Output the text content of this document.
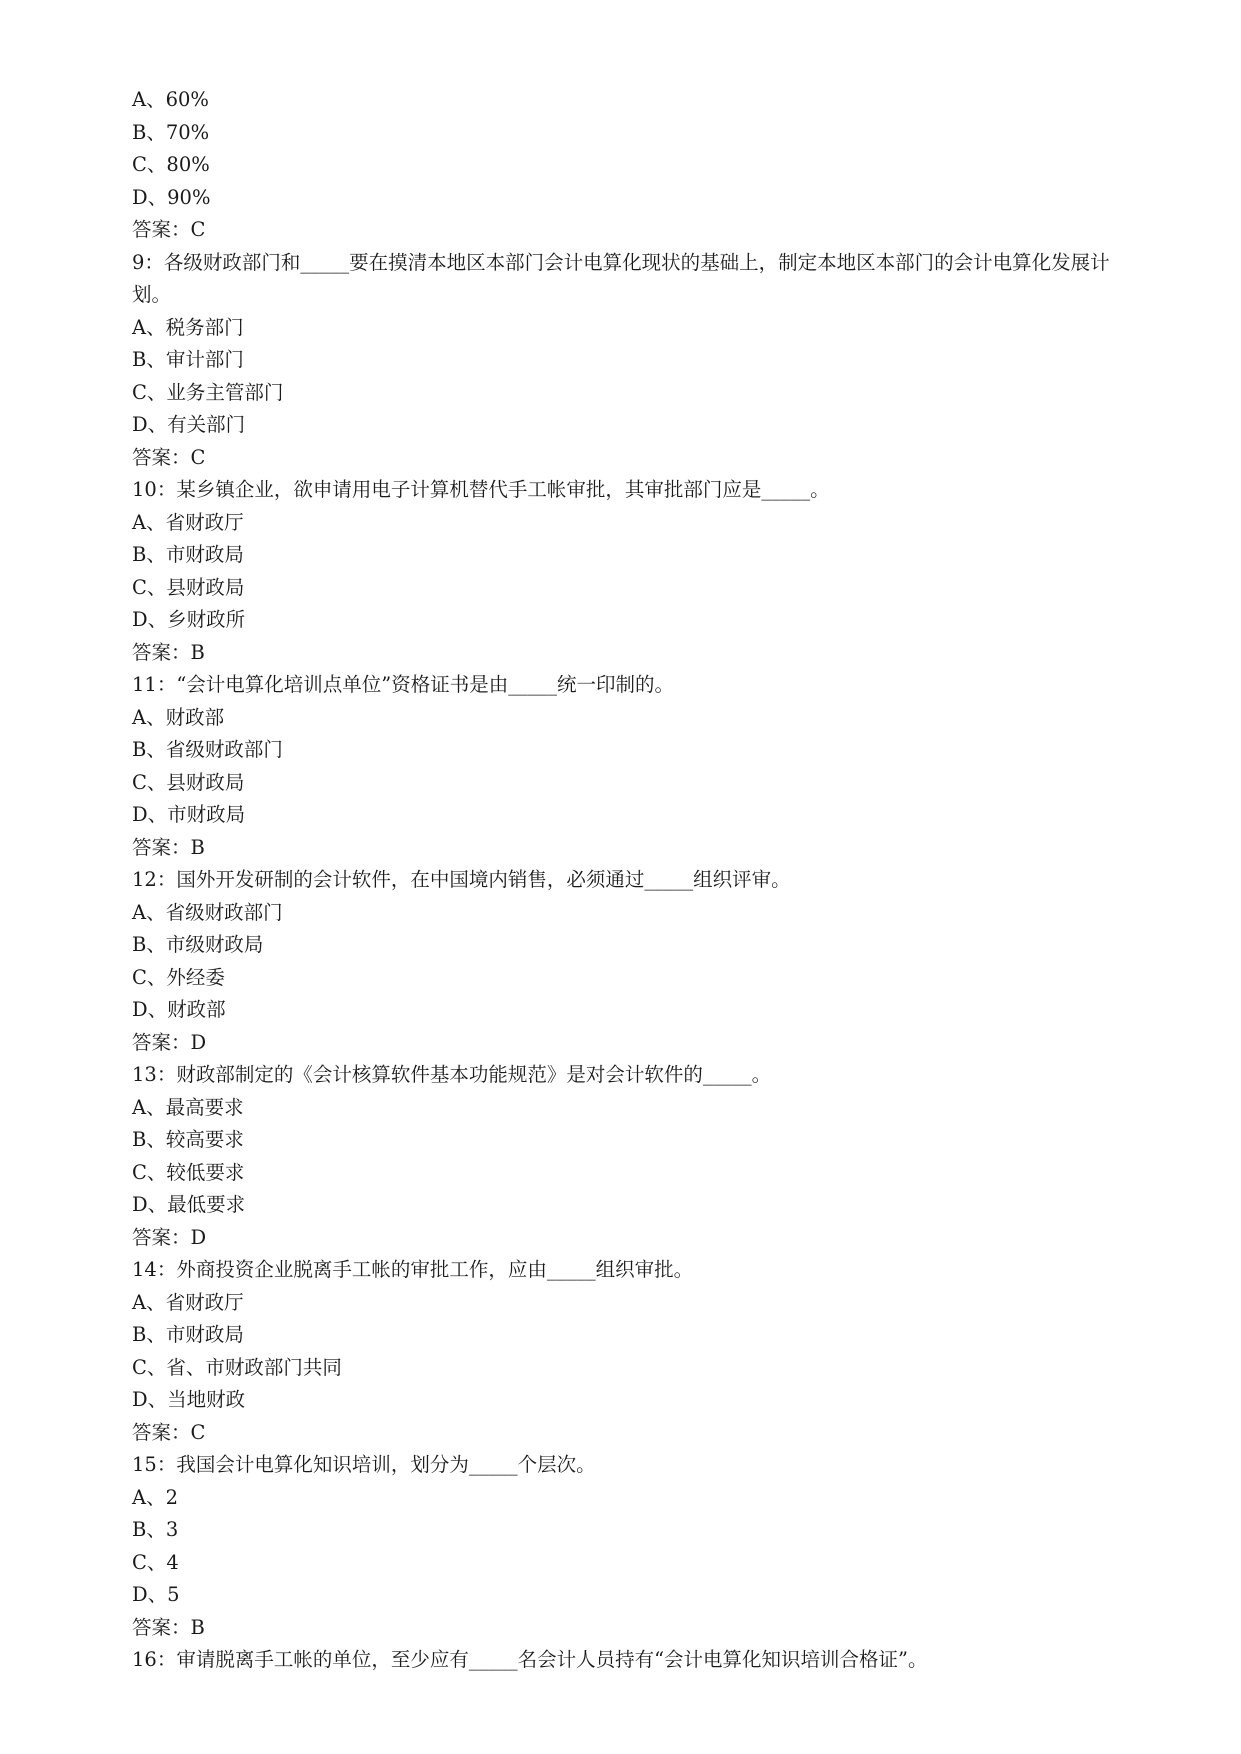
A、60%

B、70%

C、80%

D、90%

答案：C

9：各级财政部门和_____要在摸清本地区本部门会计电算化现状的基础上，制定本地区本部门的会计电算化发展计划。

A、税务部门

B、审计部门

C、业务主管部门

D、有关部门

答案：C

10：某乡镇企业，欲申请用电子计算机替代手工帐审批，其审批部门应是_____。

A、省财政厅

B、市财政局

C、县财政局

D、乡财政所

答案：B

11：“会计电算化培训点单位”资格证书是由_____统一印制的。

A、财政部

B、省级财政部门

C、县财政局

D、市财政局

答案：B

12：国外开发研制的会计软件，在中国境内销售，必须通过_____组织评审。

A、省级财政部门

B、市级财政局

C、外经委

D、财政部

答案：D

13：财政部制定的《会计核算软件基本功能规范》是对会计软件的_____。

A、最高要求

B、较高要求

C、较低要求

D、最低要求

答案：D

14：外商投资企业脱离手工帐的审批工作，应由_____组织审批。

A、省财政厅

B、市财政局

C、省、市财政部门共同

D、当地财政

答案：C

15：我国会计电算化知识培训，划分为_____个层次。

A、2

B、3

C、4

D、5

答案：B

16：审请脱离手工帐的单位，至少应有_____名会计人员持有“会计电算化知识培训合格证”。
